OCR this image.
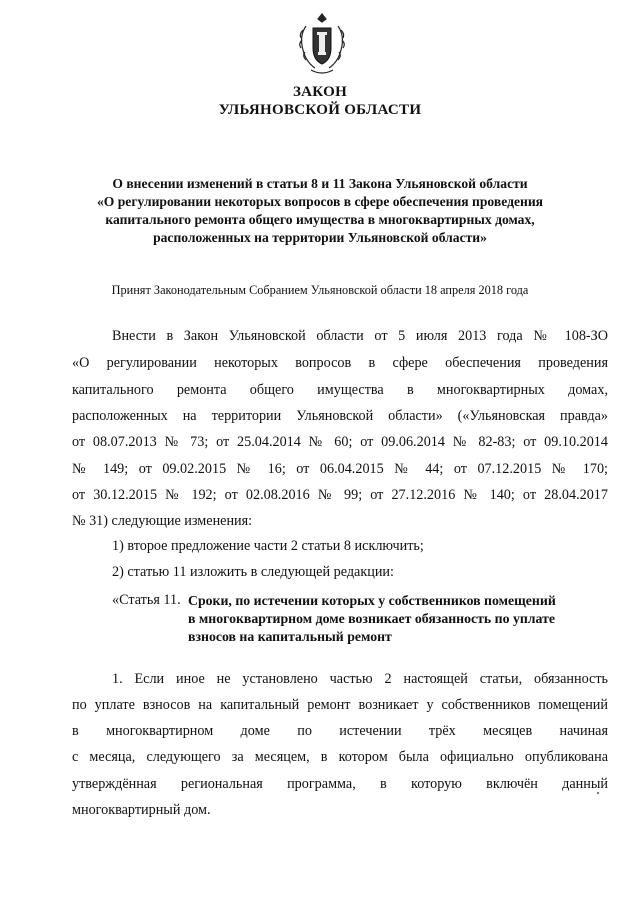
ЗАКОН
УЛЬЯНОВСКОЙ ОБЛАСТИ
О внесении изменений в статьи 8 и 11 Закона Ульяновской области
«О регулировании некоторых вопросов в сфере обеспечения проведения
капитального ремонта общего имущества в многоквартирных домах,
расположенных на территории Ульяновской области»
Принят Законодательным Собранием Ульяновской области 18 апреля 2018 года
Внести в Закон Ульяновской области от 5 июля 2013 года № 108-ЗО
«О регулировании некоторых вопросов в сфере обеспечения проведения
капитального ремонта общего имущества в многоквартирных домах,
расположенных на территории Ульяновской области» («Ульяновская правда»
от 08.07.2013 № 73; от 25.04.2014 № 60; от 09.06.2014 № 82-83; от 09.10.2014
№ 149; от 09.02.2015 № 16; от 06.04.2015 № 44; от 07.12.2015 № 170;
от 30.12.2015 № 192; от 02.08.2016 № 99; от 27.12.2016 № 140; от 28.04.2017
№ 31) следующие изменения:
1) второе предложение части 2 статьи 8 исключить;
2) статью 11 изложить в следующей редакции:
«Статья 11. Сроки, по истечении которых у собственников помещений
в многоквартирном доме возникает обязанность по уплате
взносов на капитальный ремонт
1. Если иное не установлено частью 2 настоящей статьи, обязанность
по уплате взносов на капитальный ремонт возникает у собственников помещений
в многоквартирном доме по истечении трёх месяцев начиная
с месяца, следующего за месяцем, в котором была официально опубликована
утверждённая региональная программа, в которую включён данный
многоквартирный дом.
